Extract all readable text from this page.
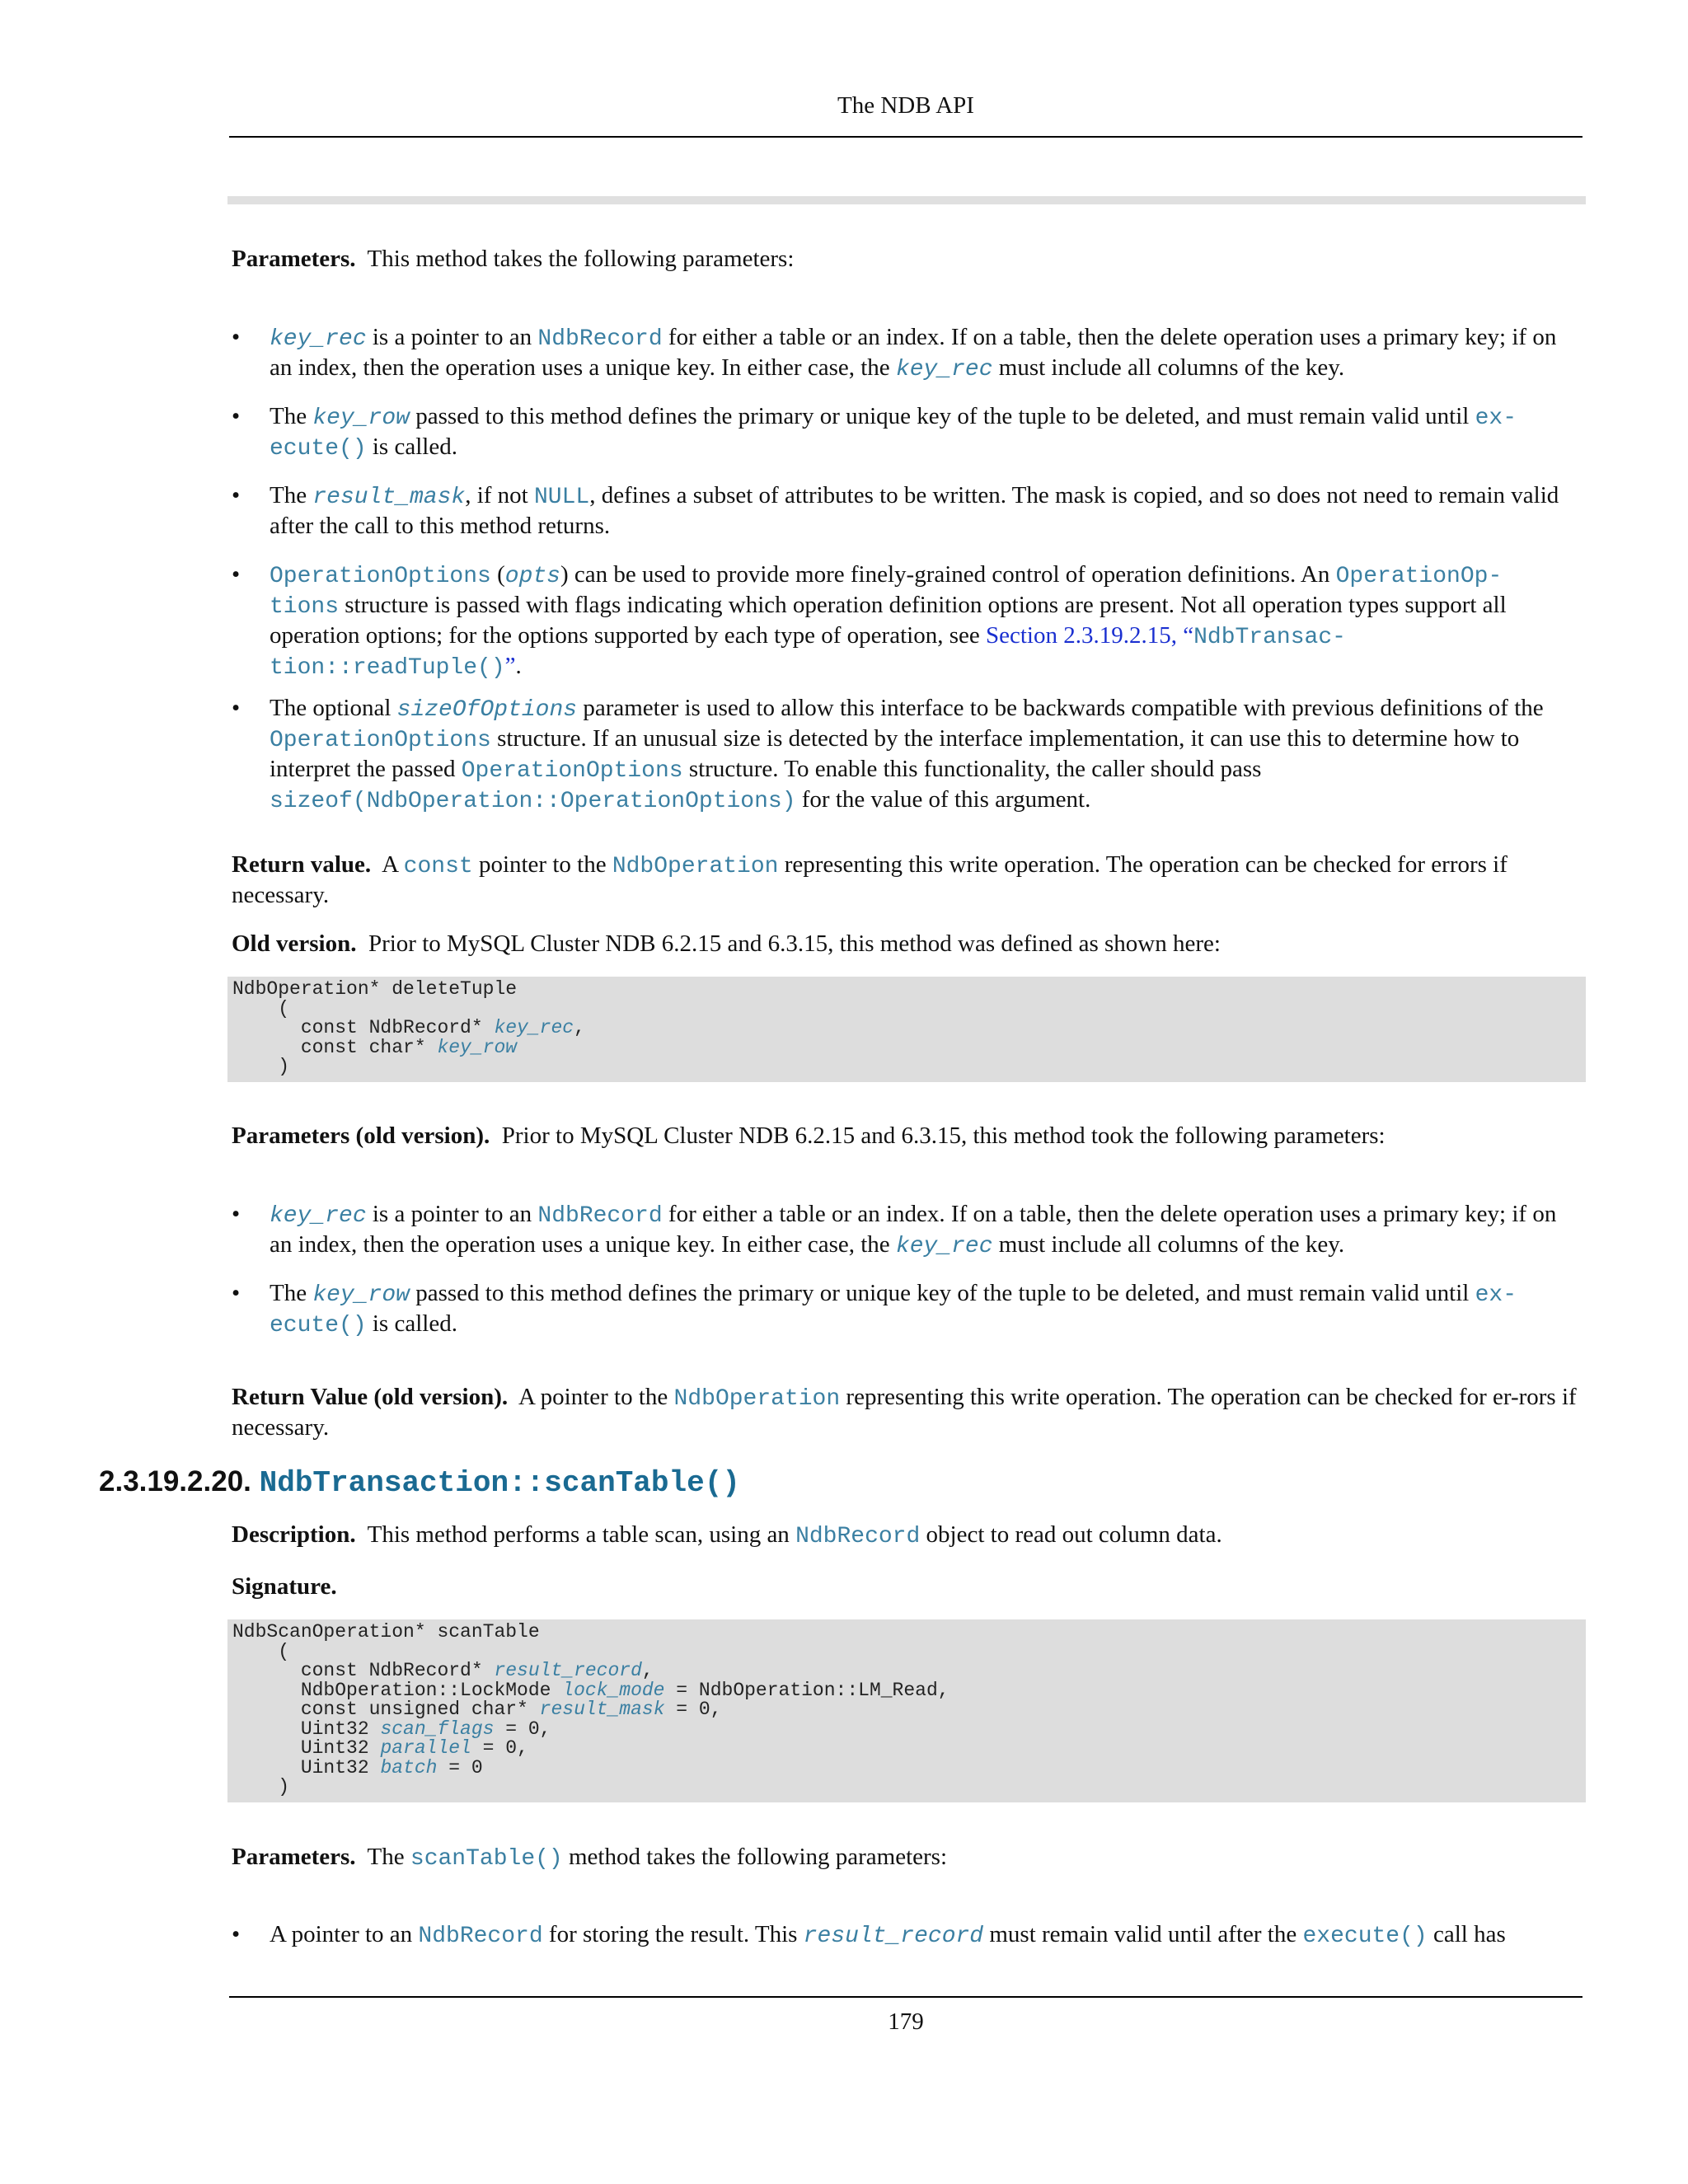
The NDB API

Parameters. This method takes the following parameters:

• key_rec is a pointer to an NdbRecord for either a table or an index. If on a table, then the delete operation uses a primary key; if on an index, then the operation uses a unique key. In either case, the key_rec must include all columns of the key.
• The key_row passed to this method defines the primary or unique key of the tuple to be deleted, and must remain valid until ex-
ecute() is called.
• The result_mask, if not NULL, defines a subset of attributes to be written. The mask is copied, and so does not need to remain valid after the call to this method returns.
• OperationOptions (opts) can be used to provide more finely-grained control of operation definitions. An OperationOp-
tions structure is passed with flags indicating which operation definition options are present. Not all operation types support all operation options; for the options supported by each type of operation, see Section 2.3.19.2.15, “NdbTransac-
tion::readTuple()”.
• The optional sizeOfOptions parameter is used to allow this interface to be backwards compatible with previous definitions of the OperationOptions structure. If an unusual size is detected by the interface implementation, it can use this to determine how to interpret the passed OperationOptions structure. To enable this functionality, the caller should pass
sizeof(NdbOperation::OperationOptions) for the value of this argument.

Return value. A const pointer to the NdbOperation representing this write operation. The operation can be checked for errors if necessary.

Old version. Prior to MySQL Cluster NDB 6.2.15 and 6.3.15, this method was defined as shown here:

NdbOperation* deleteTuple
(
const NdbRecord* key_rec,
const char* key_row
)

Parameters (old version). Prior to MySQL Cluster NDB 6.2.15 and 6.3.15, this method took the following parameters:

• key_rec is a pointer to an NdbRecord for either a table or an index. If on a table, then the delete operation uses a primary key; if on an index, then the operation uses a unique key. In either case, the key_rec must include all columns of the key.
• The key_row passed to this method defines the primary or unique key of the tuple to be deleted, and must remain valid until ex-
ecute() is called.

Return Value (old version). A pointer to the NdbOperation representing this write operation. The operation can be checked for er-rors if necessary.

2.3.19.2.20. NdbTransaction::scanTable()

Description. This method performs a table scan, using an NdbRecord object to read out column data.

Signature.

NdbScanOperation* scanTable
(
const NdbRecord* result_record,
NdbOperation::LockMode lock_mode = NdbOperation::LM_Read,
const unsigned char* result_mask = 0,
Uint32 scan_flags = 0,
Uint32 parallel = 0,
Uint32 batch = 0
)

Parameters. The scanTable() method takes the following parameters:

• A pointer to an NdbRecord for storing the result. This result_record must remain valid until after the execute() call has
179
